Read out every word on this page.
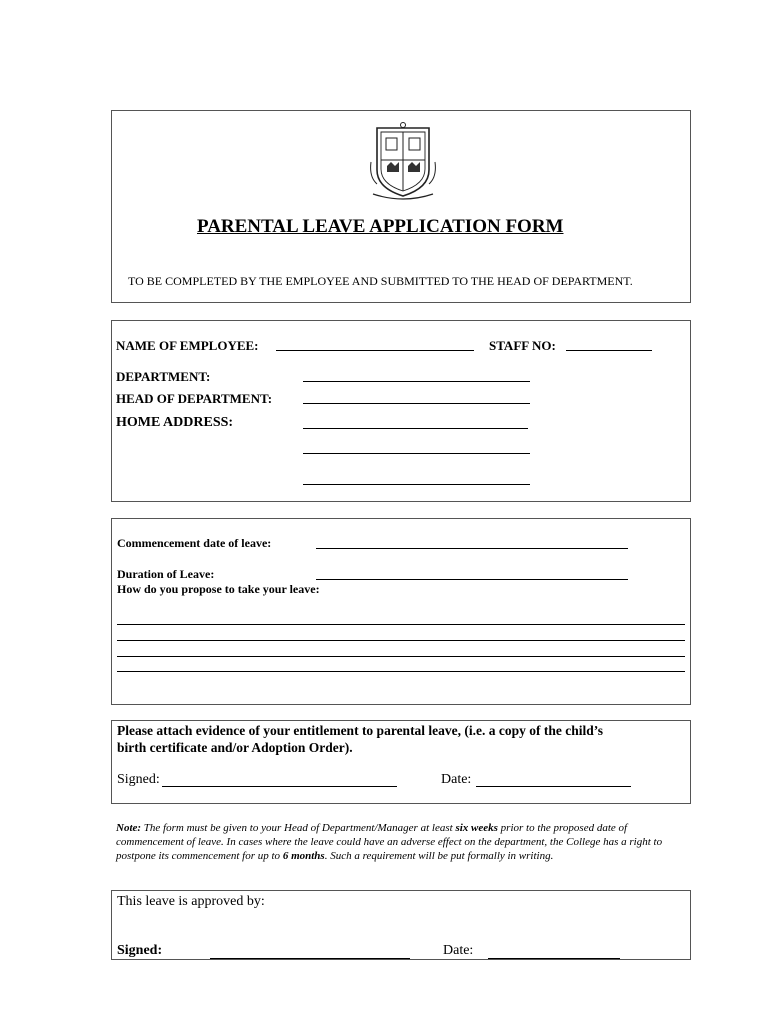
PARENTAL LEAVE APPLICATION FORM
TO BE COMPLETED BY THE EMPLOYEE AND SUBMITTED TO THE HEAD OF DEPARTMENT.
NAME OF EMPLOYEE:	STAFF NO:
DEPARTMENT:
HEAD OF DEPARTMENT:
HOME ADDRESS:
Commencement date of leave:
Duration of Leave:
How do you propose to take your leave:
Please attach evidence of your entitlement to parental leave, (i.e. a copy of the child’s
birth certificate and/or Adoption Order).
Signed:	Date:
Note: The form must be given to your Head of Department/Manager at least six weeks prior to the proposed date of commencement of leave. In cases where the leave could have an adverse effect on the department, the College has a right to postpone its commencement for up to 6 months. Such a requirement will be put formally in writing.
This leave is approved by:
Signed:	Date:
